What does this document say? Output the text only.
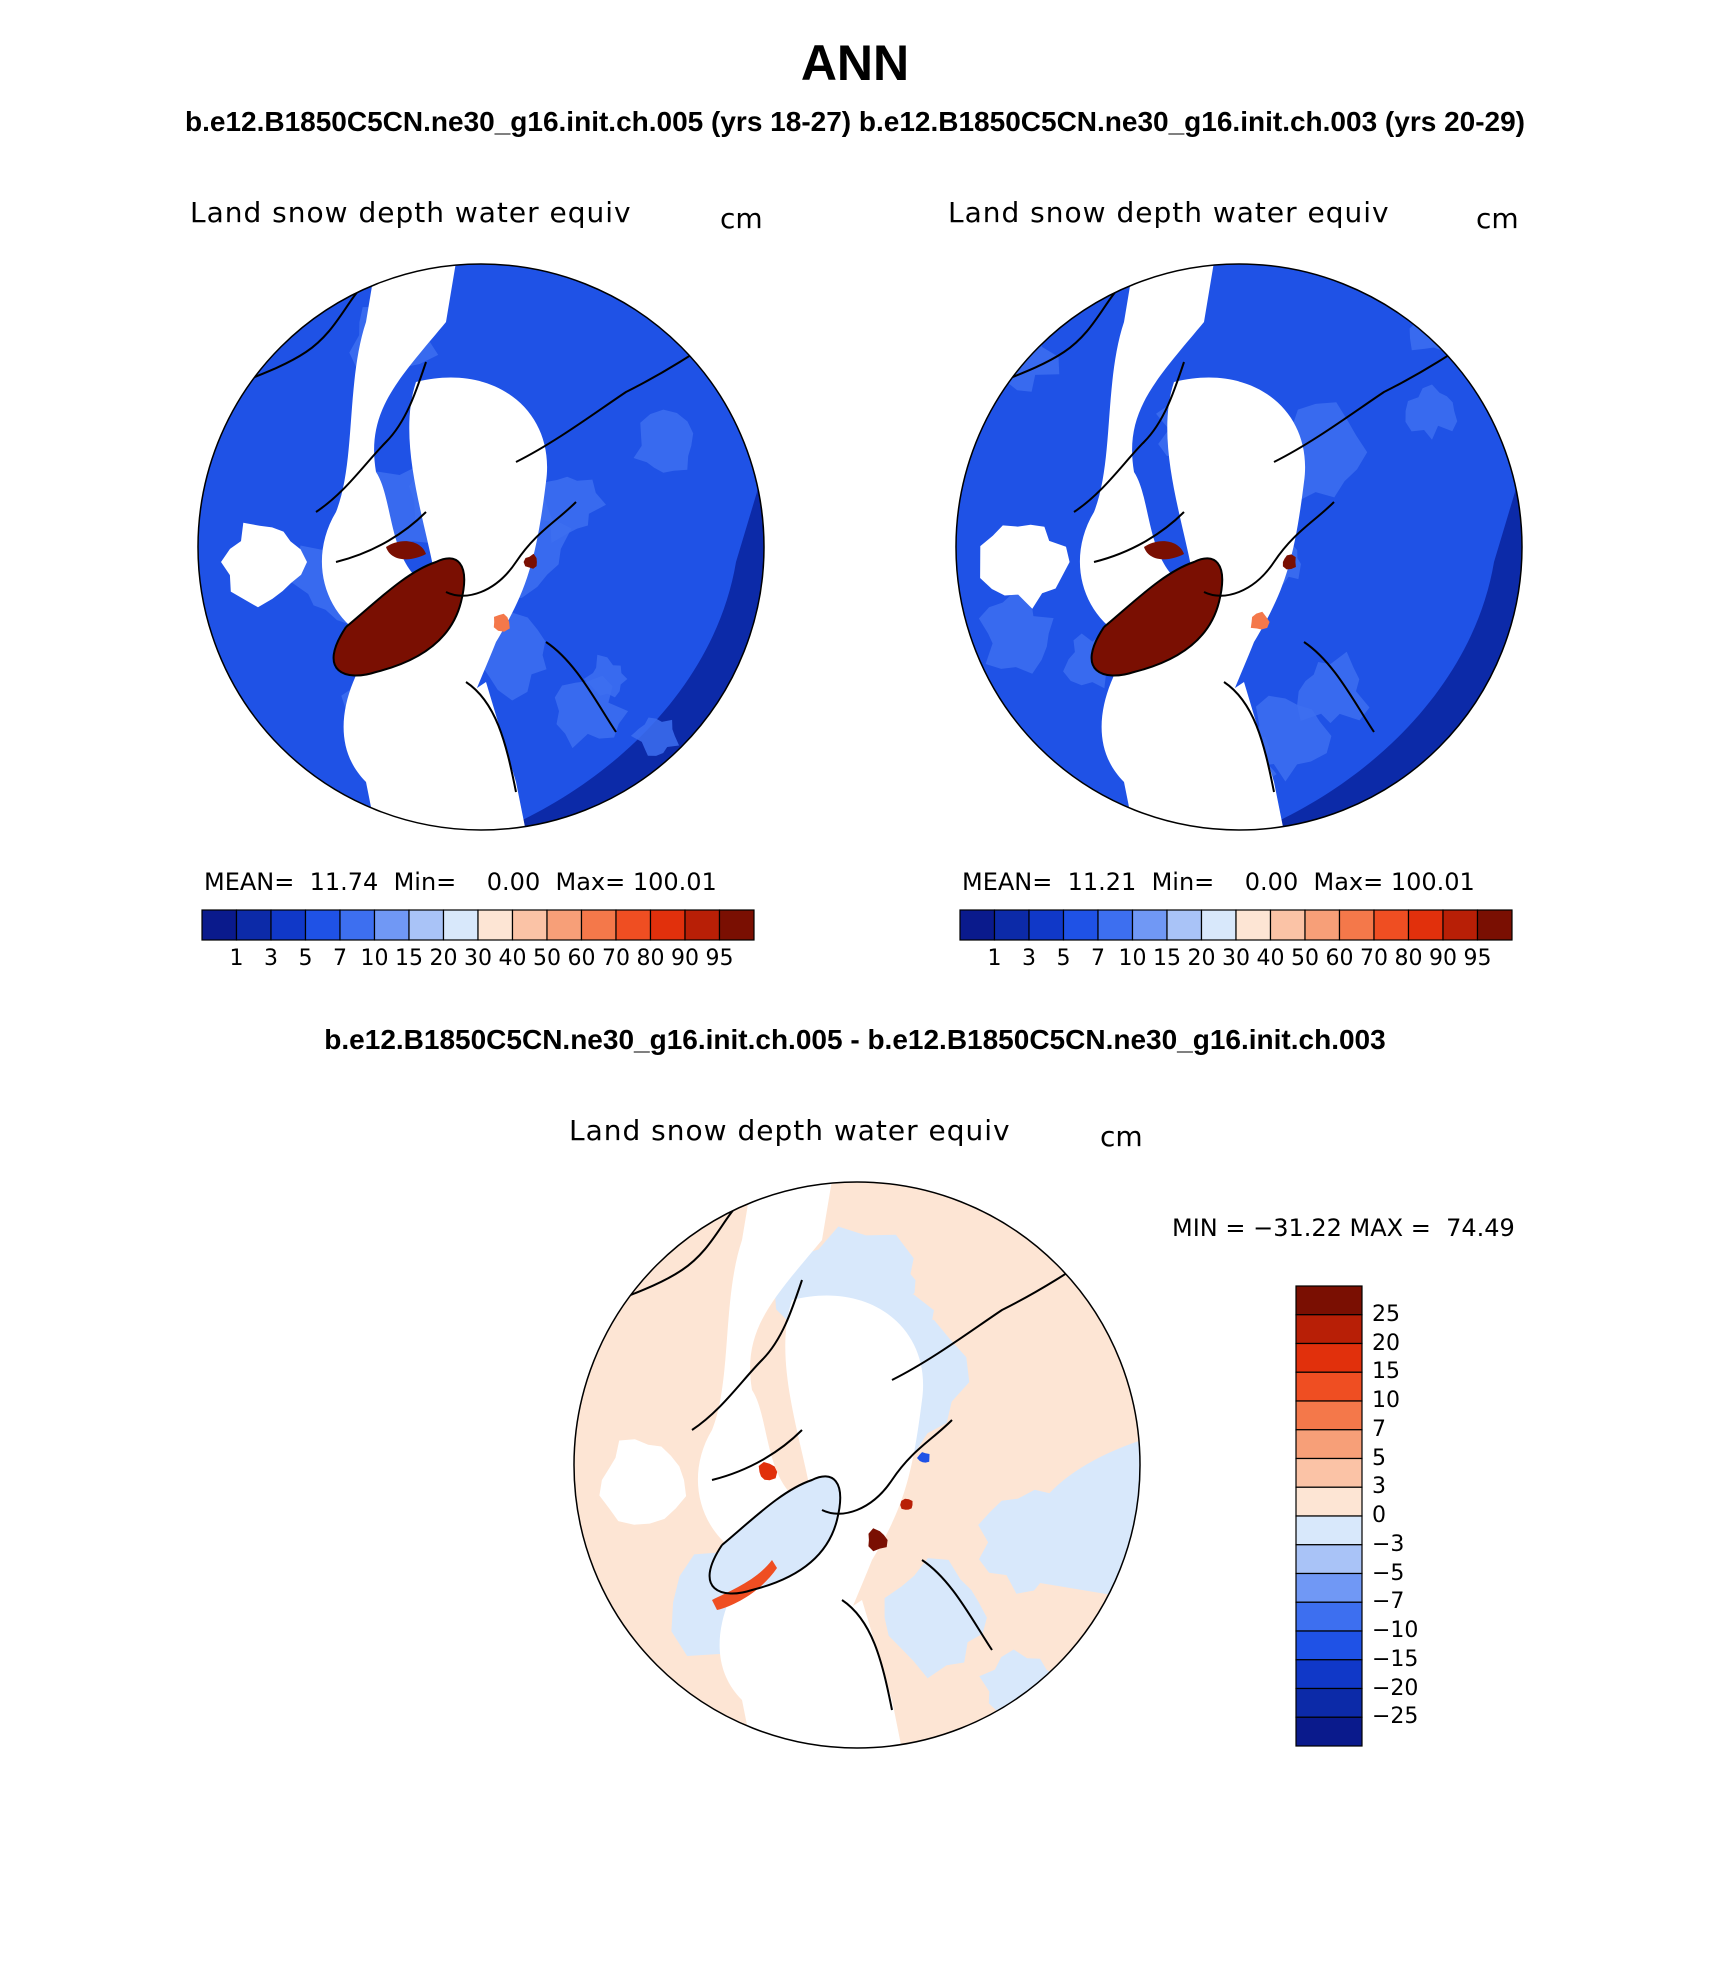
ANN
b.e12.B1850C5CN.ne30_g16.init.ch.005 (yrs 18-27) b.e12.B1850C5CN.ne30_g16.init.ch.003 (yrs 20-29)
Land snow depth water equiv	cm
MEAN=  11.74  Min=    0.00  Max= 100.01
1 3 5 7 10 15 20 30 40 50 60 70 80 90 95
Land snow depth water equiv	cm
MEAN=  11.21  Min=    0.00  Max= 100.01
1 3 5 7 10 15 20 30 40 50 60 70 80 90 95
b.e12.B1850C5CN.ne30_g16.init.ch.005 - b.e12.B1850C5CN.ne30_g16.init.ch.003
Land snow depth water equiv	cm
MIN = −31.22 MAX =  74.49
25
20
15
10
7
5
3
0
−3
−5
−7
−10
−15
−20
−25
